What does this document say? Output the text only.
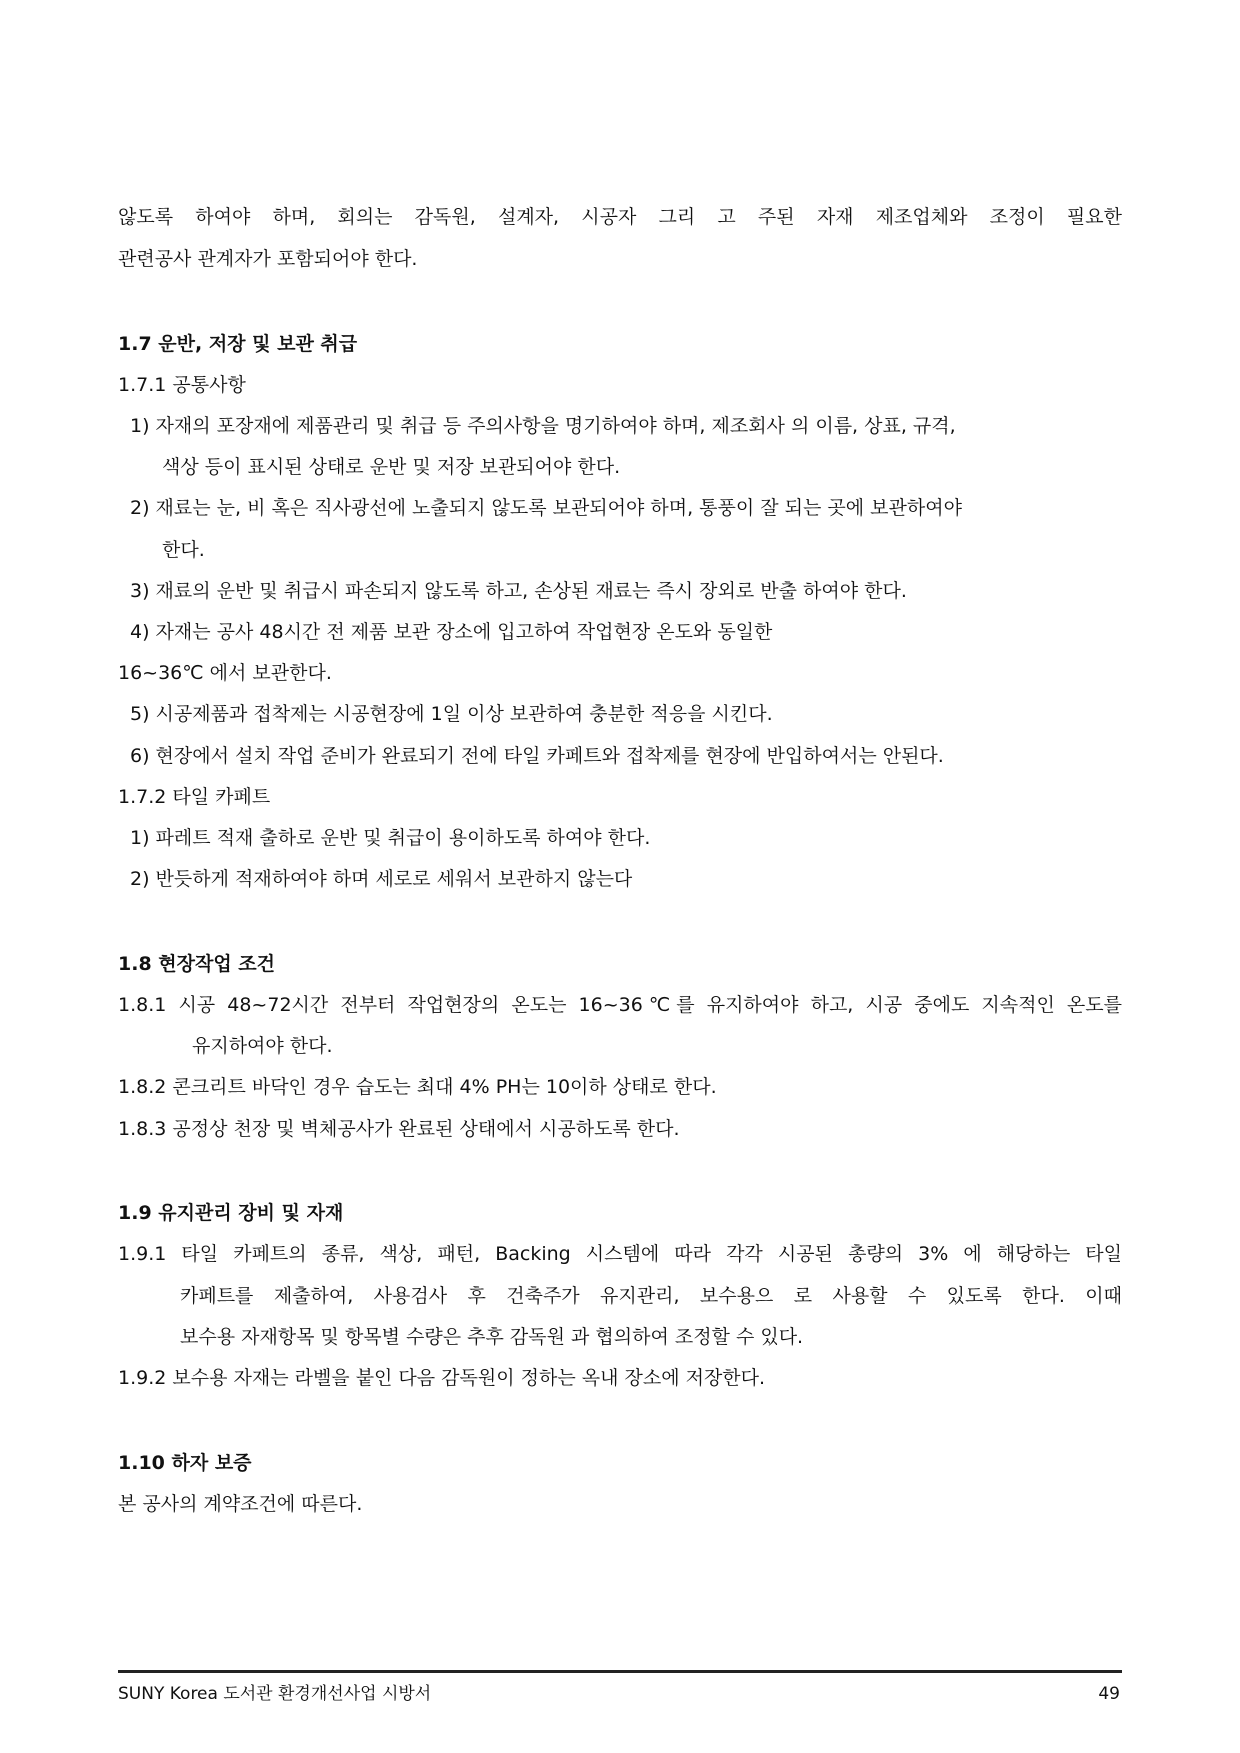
않도록 하여야 하며, 회의는 감독원, 설계자, 시공자 그리 고 주된 자재 제조업체와 조정이 필요한
관련공사 관계자가 포함되어야 한다.
1.7 운반, 저장 및 보관 취급
1.7.1 공통사항
1) 자재의 포장재에 제품관리 및 취급 등 주의사항을 명기하여야 하며, 제조회사 의 이름, 상표, 규격,
색상 등이 표시된 상태로 운반 및 저장 보관되어야 한다.
2) 재료는 눈, 비 혹은 직사광선에 노출되지 않도록 보관되어야 하며, 통풍이 잘 되는 곳에 보관하여야
한다.
3) 재료의 운반 및 취급시 파손되지 않도록 하고, 손상된 재료는 즉시 장외로 반출 하여야 한다.
4) 자재는 공사 48시간 전 제품 보관 장소에 입고하여 작업현장 온도와 동일한
16~36℃ 에서 보관한다.
5) 시공제품과 접착제는 시공현장에 1일 이상 보관하여 충분한 적응을 시킨다.
6) 현장에서 설치 작업 준비가 완료되기 전에 타일 카페트와 접착제를 현장에 반입하여서는 안된다.
1.7.2 타일 카페트
1) 파레트 적재 출하로 운반 및 취급이 용이하도록 하여야 한다.
2) 반듯하게 적재하여야 하며 세로로 세워서 보관하지 않는다
1.8 현장작업 조건
1.8.1 시공 48~72시간 전부터 작업현장의 온도는 16~36℃를 유지하여야 하고, 시공 중에도 지속적인 온도를
유지하여야 한다.
1.8.2 콘크리트 바닥인 경우 습도는 최대 4% PH는 10이하 상태로 한다.
1.8.3 공정상 천장 및 벽체공사가 완료된 상태에서 시공하도록 한다.
1.9 유지관리 장비 및 자재
1.9.1 타일 카페트의 종류, 색상, 패턴, Backing 시스템에 따라 각각 시공된 총량의 3% 에 해당하는 타일
카페트를 제출하여, 사용검사 후 건축주가 유지관리, 보수용으 로 사용할 수 있도록 한다. 이때
보수용 자재항목 및 항목별 수량은 추후 감독원 과 협의하여 조정할 수 있다.
1.9.2 보수용 자재는 라벨을 붙인 다음 감독원이 정하는 옥내 장소에 저장한다.
1.10 하자 보증
본 공사의 계약조건에 따른다.
SUNY Korea 도서관 환경개선사업 시방서	49
